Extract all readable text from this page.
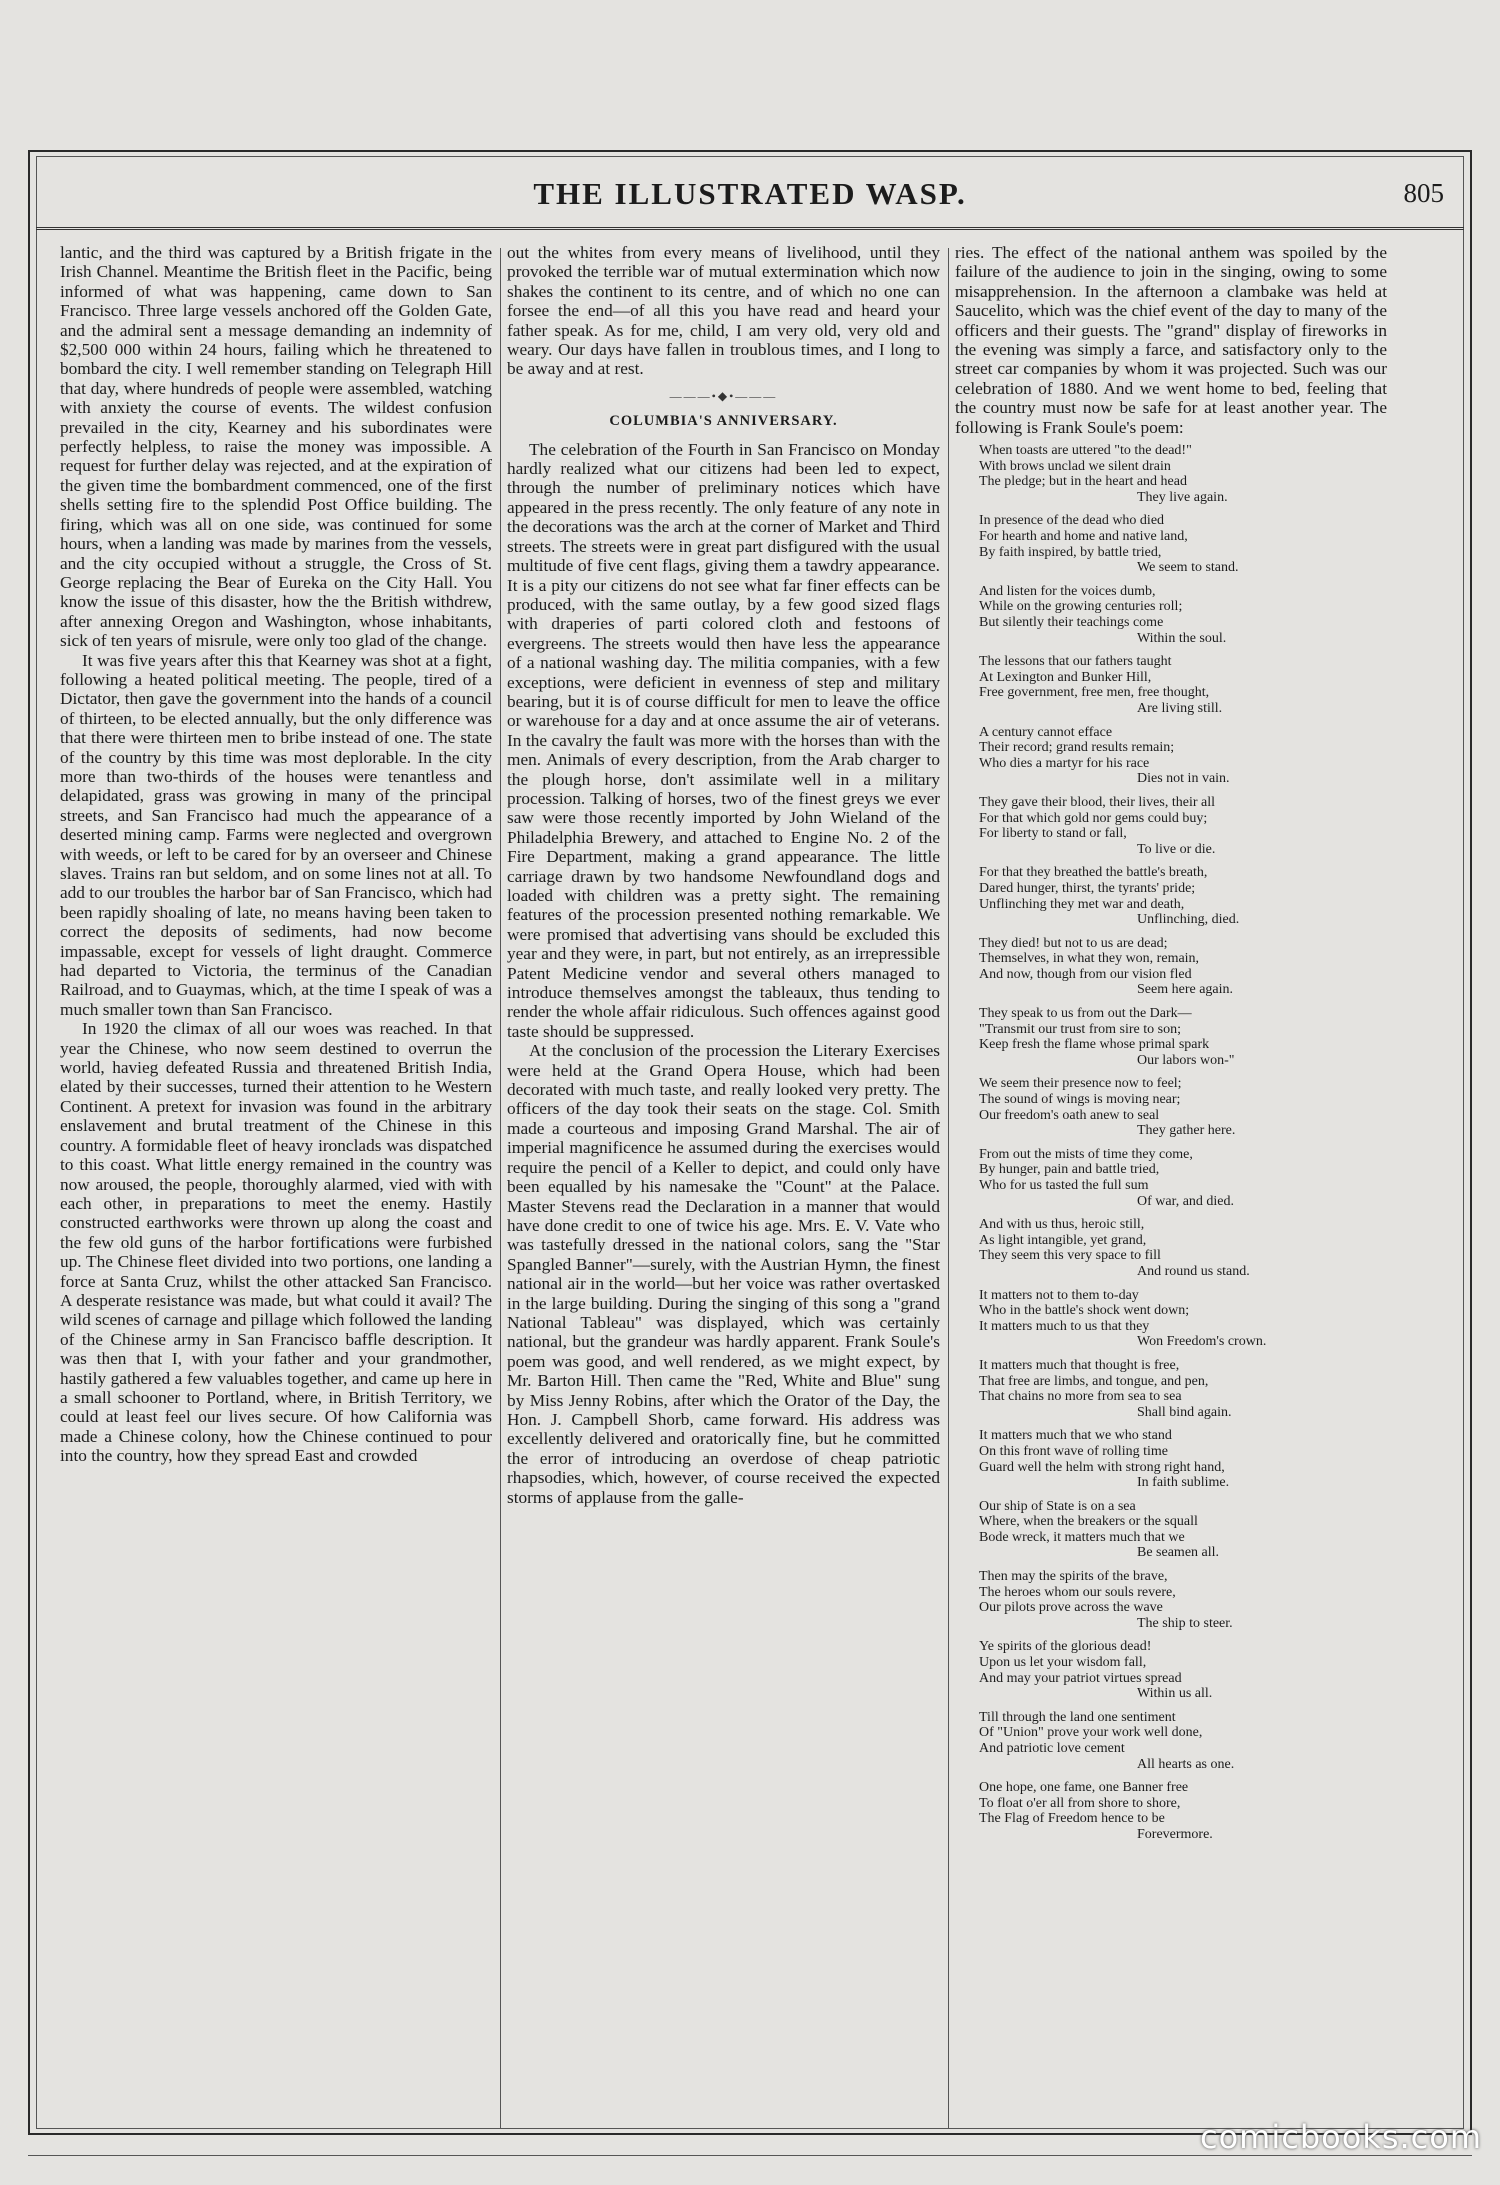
THE ILLUSTRATED WASP.	805

lantic, and the third was captured by a British frigate in the Irish Channel. Meantime the British fleet in the Pacific, being informed of what was happening, came down to San Francisco. Three large vessels anchored off the Golden Gate, and the admiral sent a message demanding an indemnity of $2,500 000 within 24 hours, failing which he threatened to bombard the city. I well remember standing on Telegraph Hill that day, where hundreds of people were assembled, watching with anxiety the course of events. The wildest confusion prevailed in the city, Kearney and his subordinates were perfectly helpless, to raise the money was impossible. A request for further delay was rejected, and at the expiration of the given time the bombardment commenced, one of the first shells setting fire to the splendid Post Office building. The firing, which was all on one side, was continued for some hours, when a landing was made by marines from the vessels, and the city occupied without a struggle, the Cross of St. George replacing the Bear of Eureka on the City Hall. You know the issue of this disaster, how the the British withdrew, after annexing Oregon and Washington, whose inhabitants, sick of ten years of misrule, were only too glad of the change.

It was five years after this that Kearney was shot at a fight, following a heated political meeting. The people, tired of a Dictator, then gave the government into the hands of a council of thirteen, to be elected annually, but the only difference was that there were thirteen men to bribe instead of one. The state of the country by this time was most deplorable. In the city more than two-thirds of the houses were tenantless and delapidated, grass was growing in many of the principal streets, and San Francisco had much the appearance of a deserted mining camp. Farms were neglected and overgrown with weeds, or left to be cared for by an overseer and Chinese slaves. Trains ran but seldom, and on some lines not at all. To add to our troubles the harbor bar of San Francisco, which had been rapidly shoaling of late, no means having been taken to correct the deposits of sediments, had now become impassable, except for vessels of light draught. Commerce had departed to Victoria, the terminus of the Canadian Railroad, and to Guaymas, which, at the time I speak of was a much smaller town than San Francisco.

In 1920 the climax of all our woes was reached. In that year the Chinese, who now seem destined to overrun the world, havieg defeated Russia and threatened British India, elated by their successes, turned their attention to he Western Continent. A pretext for invasion was found in the arbitrary enslavement and brutal treatment of the Chinese in this country. A formidable fleet of heavy ironclads was dispatched to this coast. What little energy remained in the country was now aroused, the people, thoroughly alarmed, vied with with each other, in preparations to meet the enemy. Hastily constructed earthworks were thrown up along the coast and the few old guns of the harbor fortifications were furbished up. The Chinese fleet divided into two portions, one landing a force at Santa Cruz, whilst the other attacked San Francisco. A desperate resistance was made, but what could it avail? The wild scenes of carnage and pillage which followed the landing of the Chinese army in San Francisco baffle description. It was then that I, with your father and your grandmother, hastily gathered a few valuables together, and came up here in a small schooner to Portland, where, in British Territory, we could at least feel our lives secure. Of how California was made a Chinese colony, how the Chinese continued to pour into the country, how they spread East and crowded

out the whites from every means of livelihood, until they provoked the terrible war of mutual extermination which now shakes the continent to its centre, and of which no one can forsee the end—of all this you have read and heard your father speak. As for me, child, I am very old, very old and weary. Our days have fallen in troublous times, and I long to be away and at rest.

———•◆•———
COLUMBIA'S ANNIVERSARY.

The celebration of the Fourth in San Francisco on Monday hardly realized what our citizens had been led to expect, through the number of preliminary notices which have appeared in the press recently. The only feature of any note in the decorations was the arch at the corner of Market and Third streets. The streets were in great part disfigured with the usual multitude of five cent flags, giving them a tawdry appearance. It is a pity our citizens do not see what far finer effects can be produced, with the same outlay, by a few good sized flags with draperies of parti colored cloth and festoons of evergreens. The streets would then have less the appearance of a national washing day. The militia companies, with a few exceptions, were deficient in evenness of step and military bearing, but it is of course difficult for men to leave the office or warehouse for a day and at once assume the air of veterans. In the cavalry the fault was more with the horses than with the men. Animals of every description, from the Arab charger to the plough horse, don't assimilate well in a military procession. Talking of horses, two of the finest greys we ever saw were those recently imported by John Wieland of the Philadelphia Brewery, and attached to Engine No. 2 of the Fire Department, making a grand appearance. The little carriage drawn by two handsome Newfoundland dogs and loaded with children was a pretty sight. The remaining features of the procession presented nothing remarkable. We were promised that advertising vans should be excluded this year and they were, in part, but not entirely, as an irrepressible Patent Medicine vendor and several others managed to introduce themselves amongst the tableaux, thus tending to render the whole affair ridiculous. Such offences against good taste should be suppressed.

At the conclusion of the procession the Literary Exercises were held at the Grand Opera House, which had been decorated with much taste, and really looked very pretty. The officers of the day took their seats on the stage. Col. Smith made a courteous and imposing Grand Marshal. The air of imperial magnificence he assumed during the exercises would require the pencil of a Keller to depict, and could only have been equalled by his namesake the "Count" at the Palace. Master Stevens read the Declaration in a manner that would have done credit to one of twice his age. Mrs. E. V. Vate who was tastefully dressed in the national colors, sang the "Star Spangled Banner"—surely, with the Austrian Hymn, the finest national air in the world—but her voice was rather overtasked in the large building. During the singing of this song a "grand National Tableau" was displayed, which was certainly national, but the grandeur was hardly apparent. Frank Soule's poem was good, and well rendered, as we might expect, by Mr. Barton Hill. Then came the "Red, White and Blue" sung by Miss Jenny Robins, after which the Orator of the Day, the Hon. J. Campbell Shorb, came forward. His address was excellently delivered and oratorically fine, but he committed the error of introducing an overdose of cheap patriotic rhapsodies, which, however, of course received the expected storms of applause from the galle-

ries. The effect of the national anthem was spoiled by the failure of the audience to join in the singing, owing to some misapprehension. In the afternoon a clambake was held at Saucelito, which was the chief event of the day to many of the officers and their guests. The "grand" display of fireworks in the evening was simply a farce, and satisfactory only to the street car companies by whom it was projected. Such was our celebration of 1880. And we went home to bed, feeling that the country must now be safe for at least another year. The following is Frank Soule's poem:

When toasts are uttered "to the dead!"
With brows unclad we silent drain
The pledge; but in the heart and head
They live again.
In presence of the dead who died
For hearth and home and native land,
By faith inspired, by battle tried,
We seem to stand.
And listen for the voices dumb,
While on the growing centuries roll;
But silently their teachings come
Within the soul.
The lessons that our fathers taught
At Lexington and Bunker Hill,
Free government, free men, free thought,
Are living still.
A century cannot efface
Their record; grand results remain;
Who dies a martyr for his race
Dies not in vain.
They gave their blood, their lives, their all
For that which gold nor gems could buy;
For liberty to stand or fall,
To live or die.
For that they breathed the battle's breath,
Dared hunger, thirst, the tyrants' pride;
Unflinching they met war and death,
Unflinching, died.
They died! but not to us are dead;
Themselves, in what they won, remain,
And now, though from our vision fled
Seem here again.
They speak to us from out the Dark—
"Transmit our trust from sire to son;
Keep fresh the flame whose primal spark
Our labors won-"
We seem their presence now to feel;
The sound of wings is moving near;
Our freedom's oath anew to seal
They gather here.
From out the mists of time they come,
By hunger, pain and battle tried,
Who for us tasted the full sum
Of war, and died.
And with us thus, heroic still,
As light intangible, yet grand,
They seem this very space to fill
And round us stand.
It matters not to them to-day
Who in the battle's shock went down;
It matters much to us that they
Won Freedom's crown.
It matters much that thought is free,
That free are limbs, and tongue, and pen,
That chains no more from sea to sea
Shall bind again.
It matters much that we who stand
On this front wave of rolling time
Guard well the helm with strong right hand,
In faith sublime.
Our ship of State is on a sea
Where, when the breakers or the squall
Bode wreck, it matters much that we
Be seamen all.
Then may the spirits of the brave,
The heroes whom our souls revere,
Our pilots prove across the wave
The ship to steer.
Ye spirits of the glorious dead!
Upon us let your wisdom fall,
And may your patriot virtues spread
Within us all.
Till through the land one sentiment
Of "Union" prove your work well done,
And patriotic love cement
All hearts as one.
One hope, one fame, one Banner free
To float o'er all from shore to shore,
The Flag of Freedom hence to be
Forevermore.
comicbooks.com
